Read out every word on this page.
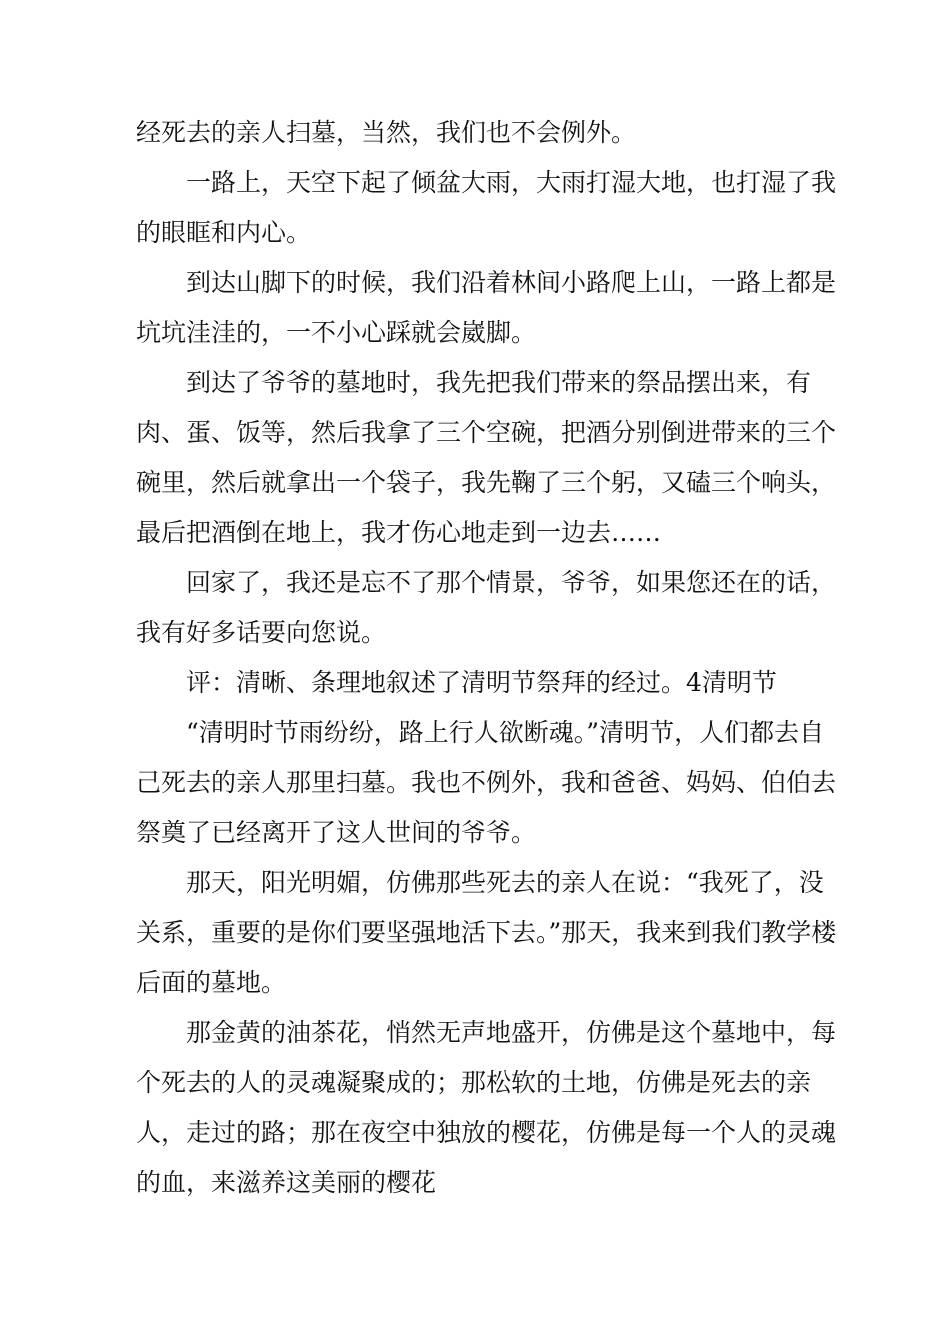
经死去的亲人扫墓，当然，我们也不会例外。

一路上，天空下起了倾盆大雨，大雨打湿大地，也打湿了我的眼眶和内心。

到达山脚下的时候，我们沿着林间小路爬上山，一路上都是坑坑洼洼的，一不小心踩就会崴脚。

到达了爷爷的墓地时，我先把我们带来的祭品摆出来，有肉、蛋、饭等，然后我拿了三个空碗，把酒分别倒进带来的三个碗里，然后就拿出一个袋子，我先鞠了三个躬，又磕三个响头，最后把酒倒在地上，我才伤心地走到一边去……

回家了，我还是忘不了那个情景，爷爷，如果您还在的话，我有好多话要向您说。

评：清晰、条理地叙述了清明节祭拜的经过。4清明节

“清明时节雨纷纷，路上行人欲断魂。”清明节，人们都去自己死去的亲人那里扫墓。我也不例外，我和爸爸、妈妈、伯伯去祭奠了已经离开了这人世间的爷爷。

那天，阳光明媚，仿佛那些死去的亲人在说：“我死了，没关系，重要的是你们要坚强地活下去。”那天，我来到我们教学楼后面的墓地。

那金黄的油茶花，悄然无声地盛开，仿佛是这个墓地中，每个死去的人的灵魂凝聚成的；那松软的土地，仿佛是死去的亲人，走过的路；那在夜空中独放的樱花，仿佛是每一个人的灵魂的血，来滋养这美丽的樱花
